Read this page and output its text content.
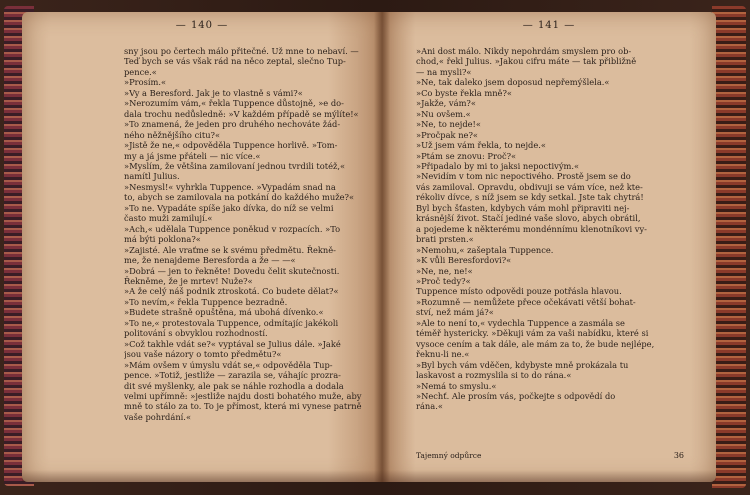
— 140 —
sny jsou po čertech málo přitečné. Už mne to nebaví. —
Teď bych se vás však rád na něco zeptal, slečno Tup-
pence.«
»Prosím.«
»Vy a Beresford. Jak je to vlastně s vámi?«
»Nerozumím vám,« řekla Tuppence důstojně, »e do-
dala trochu nedůsledně: »V každém případě se mýlíte!«
»To znamená, že jeden pro druhého nechováte žád-
ného něžnějšího citu?«
»Jistě že ne,« odpověděla Tuppence horlivě. »Tom-
my a já jsme přáteli — nic více.«
»Myslím, že většina zamilovaní jednou tvrdili totéž,«
namítl Julius.
»Nesmysl!« vyhrkla Tuppence. »Vypadám snad na
to, abych se zamilovala na potkání do každého muže?«
»To ne. Vypadáte spíše jako dívka, do níž se velmi
často muži zamilují.«
»Ach,« udělala Tuppence poněkud v rozpacích. »To
má býti poklona?«
»Zajisté. Ale vraťme se k svému předmětu. Řekně-
me, že nenajdeme Beresforda a že — —«
»Dobrá — jen to řekněte! Dovedu čelit skutečnosti.
Řekněme, že je mrtev! Nuže?«
»A že celý náš podnik ztroskotá. Co budete dělat?«
»To nevím,« řekla Tuppence bezradně.
»Budete strašně opuštěna, má ubohá dívenko.«
»To ne,« protestovala Tuppence, odmítajíc jakékoli
politování s obvyklou rozhodností.
»Což takhle vdát se?« vyptával se Julius dále. »Jaké
jsou vaše názory o tomto předmětu?«
»Mám ovšem v úmyslu vdát se,« odpověděla Tup-
pence. »Totiž, jestliže — zarazila se, váhajíc prozra-
dit své myšlenky, ale pak se náhle rozhodla a dodala
velmi upřímně: »jestliže najdu dosti bohatého muže, aby
mně to stálo za to. To je přímost, která mi vynese patrně
vaše pohrdání.«
— 141 —
»Ani dost málo. Nikdy nepohrdám smyslem pro ob-
chod,« řekl Julius. »Jakou cifru máte — tak přibližně
— na mysli?«
»Ne, tak daleko jsem doposud nepřemýšlela.«
»Co byste řekla mně?«
»Jakže, vám?«
»Nu ovšem.«
»Ne, to nejde!«
»Pročpak ne?«
»Už jsem vám řekla, to nejde.«
»Ptám se znovu: Proč?«
»Připadalo by mi to jaksi nepoctivým.«
»Nevidím v tom nic nepoctivého. Prostě jsem se do
vás zamiloval. Opravdu, obdivuji se vám více, než kte-
rékoliv dívce, s níž jsem se kdy setkal. Jste tak chytrá!
Byl bych šťasten, kdybych vám mohl připraviti nej-
krásnější život. Stačí jediné vaše slovo, abych obrátil,
a pojedeme k některému mondénnímu klenotníkovi vy-
brati prsten.«
»Nemohu,« zašeptala Tuppence.
»K vůli Beresfordovi?«
»Ne, ne, ne!«
»Proč tedy?«
Tuppence místo odpovědi pouze potřásla hlavou.
»Rozumně — nemůžete přece očekávati větší bohat-
ství, než mám já?«
»Ale to není to,« vydechla Tuppence a zasmála se
téměř hystericky. »Děkuji vám za vaši nabídku, které si
vysoce cením a tak dále, ale mám za to, že bude nejlépe,
řeknu-li ne.«
»Byl bych vám vděčen, kdybyste mně prokázala tu
laskavost a rozmyslila si to do rána.«
»Nemá to smyslu.«
»Nechť. Ale prosím vás, počkejte s odpovědí do
rána.«
Tajemný odpůrce	36
